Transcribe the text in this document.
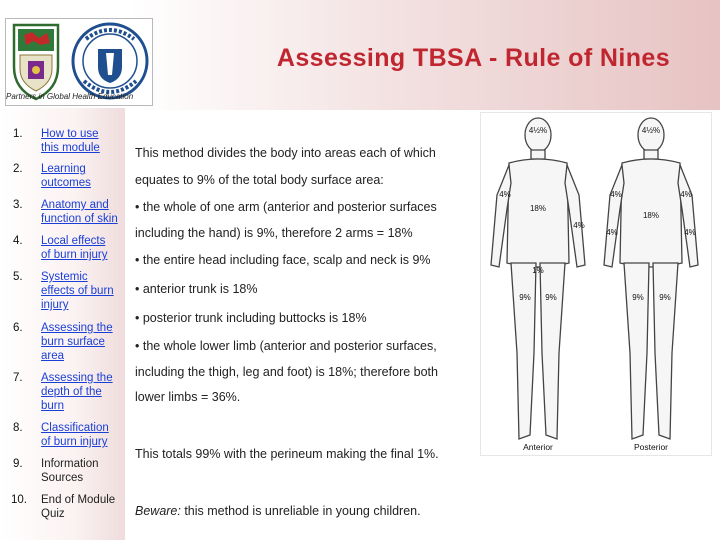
Assessing TBSA - Rule of Nines
Partners in Global Health Education
1. How to use
this module
2. Learning
outcomes
3. Anatomy and
function of skin
4. Local effects
of burn injury
5. Systemic
effects of burn
injury
6. Assessing the
burn surface
area
7. Assessing the
depth of the
burn
8. Classification
of burn injury
9. Information
Sources
10. End of Module
Quiz
This method divides the body into areas each of which
equates to 9% of the total body surface area:
• the whole of one arm (anterior and posterior surfaces
including the hand) is 9%, therefore 2 arms = 18%
• the entire head including face, scalp and neck is 9%
• anterior trunk is 18%
• posterior trunk including buttocks is 18%
• the whole lower limb (anterior and posterior surfaces,
including the thigh, leg and foot) is 18%; therefore both
lower limbs = 36%.
This totals 99% with the perineum making the final 1%.
Beware: this method is unreliable in young children.
4½%
4%
18%
4%
1%
9% 9%
4½%
18%
4%	4%
4%	4%
9% 9%
Anterior	Posterior
